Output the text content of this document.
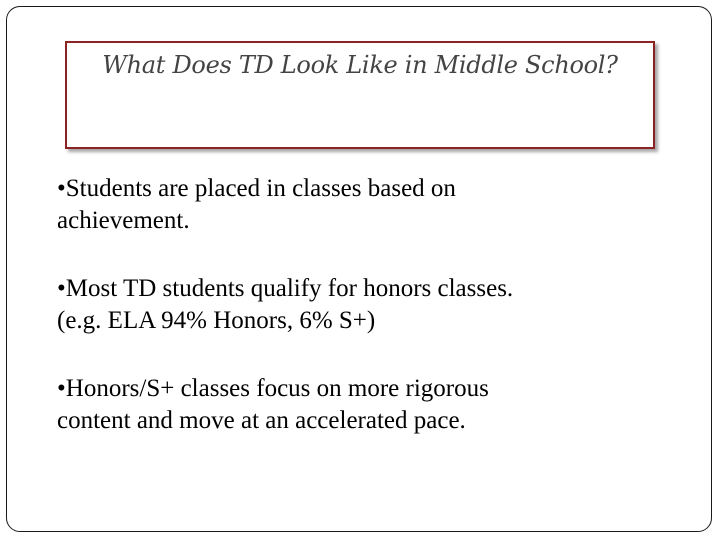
What Does TD Look Like in Middle School?
•Students are placed in classes based on
achievement.
•Most TD students qualify for honors classes.
(e.g. ELA 94% Honors, 6% S+)
•Honors/S+ classes focus on more rigorous
content and move at an accelerated pace.
